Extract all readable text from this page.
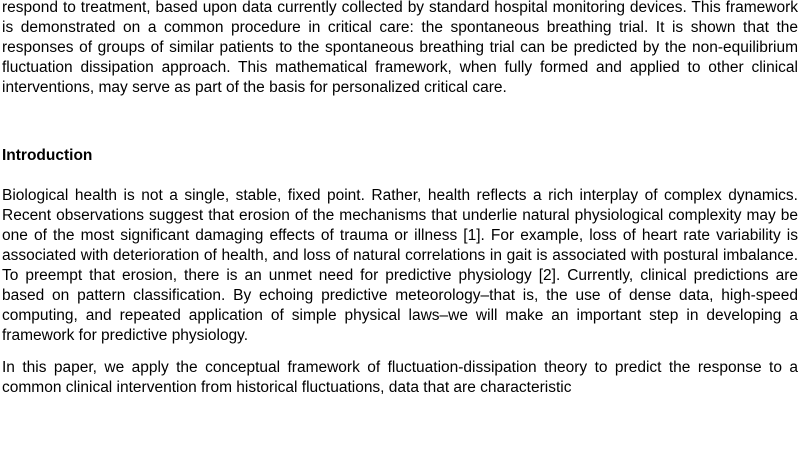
respond to treatment, based upon data currently collected by standard hospital monitoring devices. This framework is demonstrated on a common procedure in critical care: the spontaneous breathing trial. It is shown that the responses of groups of similar patients to the spontaneous breathing trial can be predicted by the non-equilibrium fluctuation dissipation approach. This mathematical framework, when fully formed and applied to other clinical interventions, may serve as part of the basis for personalized critical care.

Introduction

Biological health is not a single, stable, fixed point. Rather, health reflects a rich interplay of complex dynamics. Recent observations suggest that erosion of the mechanisms that underlie natural physiological complexity may be one of the most significant damaging effects of trauma or illness [1]. For example, loss of heart rate variability is associated with deterioration of health, and loss of natural correlations in gait is associated with postural imbalance. To preempt that erosion, there is an unmet need for predictive physiology [2]. Currently, clinical predictions are based on pattern classification. By echoing predictive meteorology–that is, the use of dense data, high-speed computing, and repeated application of simple physical laws–we will make an important step in developing a framework for predictive physiology.

In this paper, we apply the conceptual framework of fluctuation-dissipation theory to predict the response to a common clinical intervention from historical fluctuations, data that are characteristic
